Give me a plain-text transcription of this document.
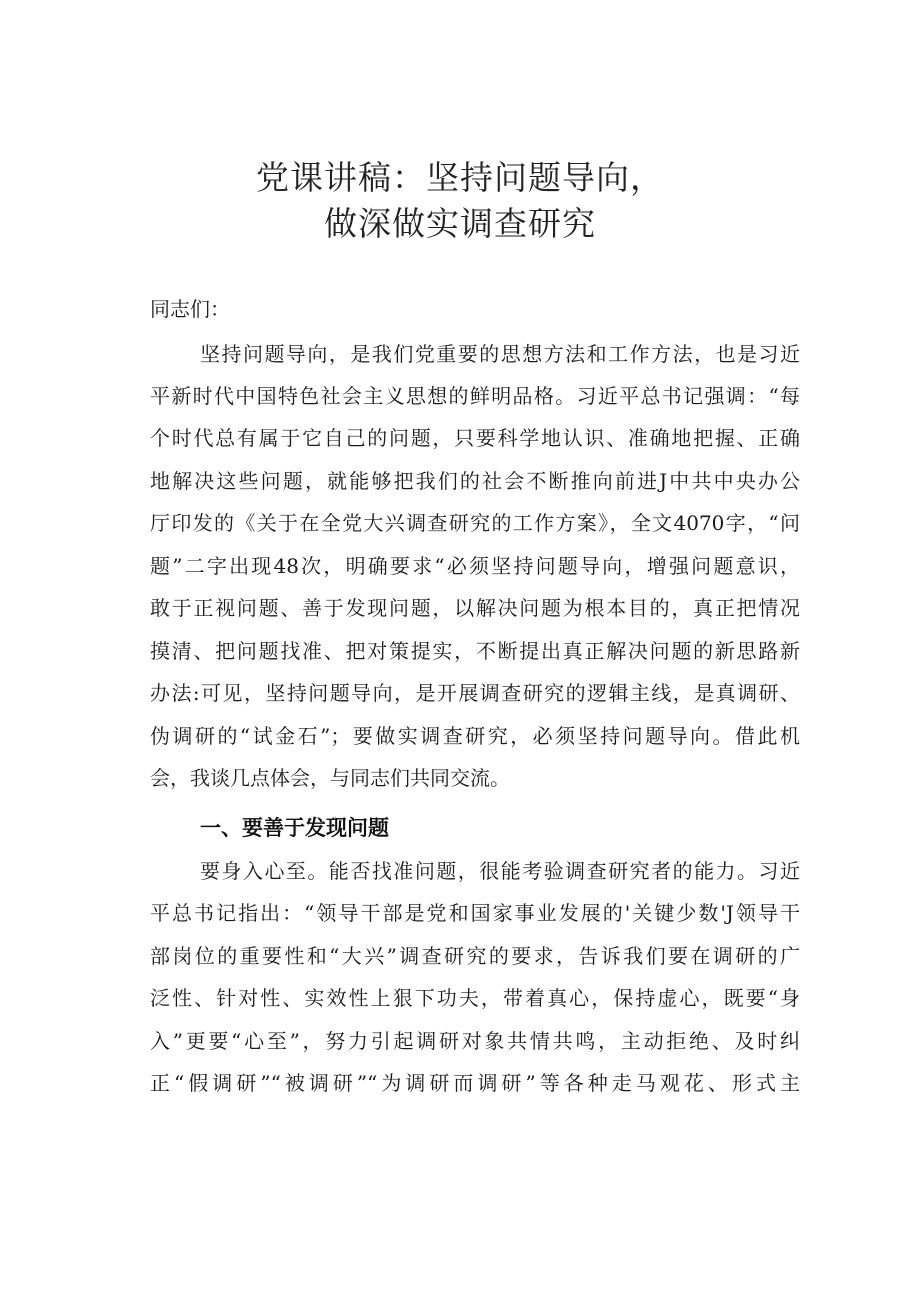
党课讲稿：坚持问题导向，
做深做实调查研究
同志们：
坚持问题导向，是我们党重要的思想方法和工作方法，也是习近
平新时代中国特色社会主义思想的鲜明品格。习近平总书记强调：“每
个时代总有属于它自己的问题，只要科学地认识、准确地把握、正确
地解决这些问题，就能够把我们的社会不断推向前进J中共中央办公
厅印发的《关于在全党大兴调查研究的工作方案》，全文4070字，“问
题”二字出现48次，明确要求“必须坚持问题导向，增强问题意识，
敢于正视问题、善于发现问题，以解决问题为根本目的，真正把情况
摸清、把问题找准、把对策提实，不断提出真正解决问题的新思路新
办法:可见，坚持问题导向，是开展调查研究的逻辑主线，是真调研、
伪调研的“试金石”；要做实调查研究，必须坚持问题导向。借此机
会，我谈几点体会，与同志们共同交流。
一、要善于发现问题
要身入心至。能否找准问题，很能考验调查研究者的能力。习近
平总书记指出：“领导干部是党和国家事业发展的'关键少数'J领导干
部岗位的重要性和“大兴”调查研究的要求，告诉我们要在调研的广
泛性、针对性、实效性上狠下功夫，带着真心，保持虚心，既要“身
入”更要“心至”，努力引起调研对象共情共鸣，主动拒绝、及时纠
正“假调研”“被调研”“为调研而调研”等各种走马观花、形式主
